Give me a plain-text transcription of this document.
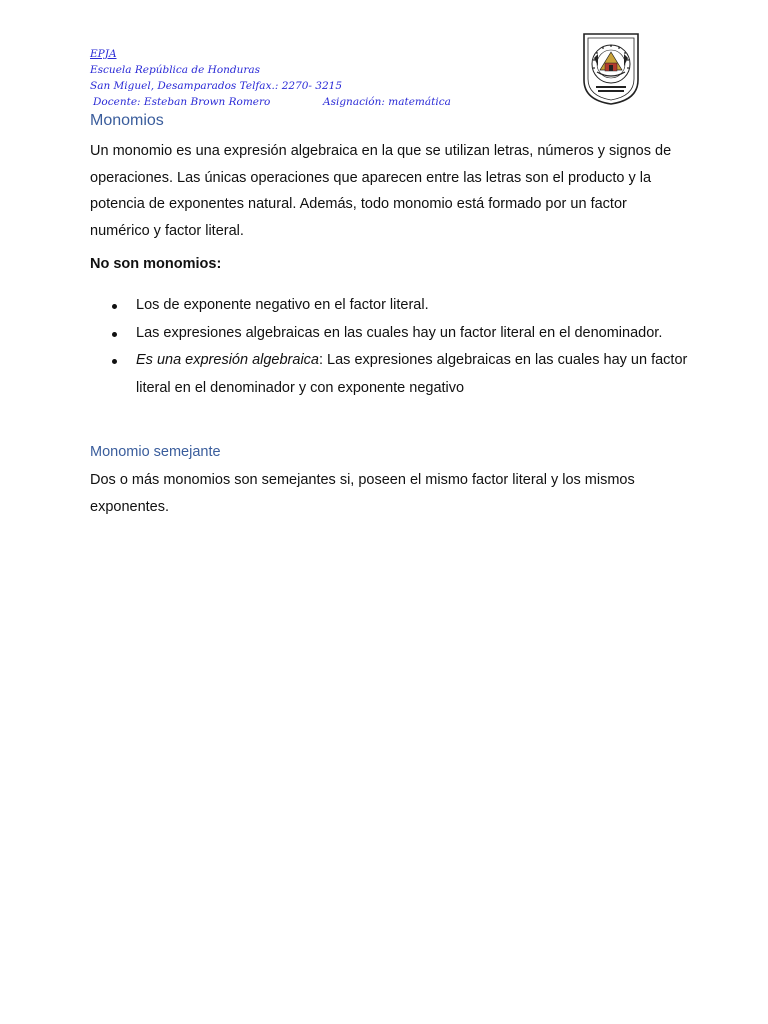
EPJA
Escuela República de Honduras
San Miguel, Desamparados Telfax.: 2270- 3215
Docente: Esteban Brown Romero	Asignación: matemática
Monomios
Un monomio es una expresión algebraica en la que se utilizan letras, números y signos de operaciones. Las únicas operaciones que aparecen entre las letras son el producto y la potencia de exponentes natural. Además, todo monomio está formado por un factor numérico y factor literal.
No son monomios:
Los de exponente negativo en el factor literal.
Las expresiones algebraicas en las cuales hay un factor literal en el denominador.
Es una expresión algebraica: Las expresiones algebraicas en las cuales hay un factor literal en el denominador y con exponente negativo
Monomio semejante
Dos o más monomios son semejantes si, poseen el mismo factor literal y los mismos exponentes.
